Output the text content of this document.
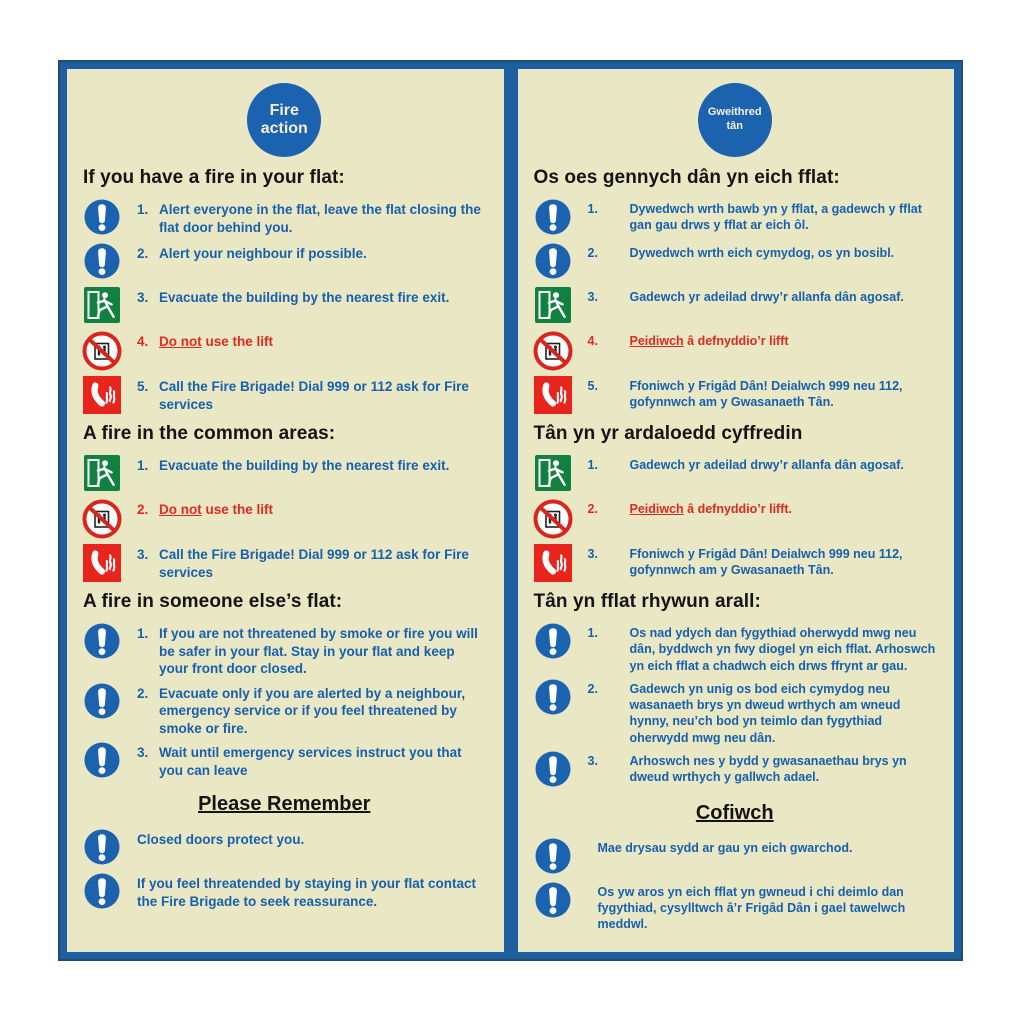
Fire
action
If you have a fire in your flat:
1. Alert everyone in the flat, leave the flat closing the flat door behind you.
2. Alert your neighbour if possible.
3. Evacuate the building by the nearest fire exit.
4. Do not use the lift
5. Call the Fire Brigade! Dial 999 or 112 ask for Fire services
A fire in the common areas:
1. Evacuate the building by the nearest fire exit.
2. Do not use the lift
3. Call the Fire Brigade! Dial 999 or 112 ask for Fire services
A fire in someone else’s flat:
1. If you are not threatened by smoke or fire you will be safer in your flat. Stay in your flat and keep your front door closed.
2. Evacuate only if you are alerted by a neighbour, emergency service or if you feel threatened by smoke or fire.
3. Wait until emergency services instruct you that you can leave
Please Remember
Closed doors protect you.
If you feel threatended by staying in your flat contact the Fire Brigade to seek reassurance.
Gweithred
tân
Os oes gennych dân yn eich fflat:
1.	Dywedwch wrth bawb yn y fflat, a gadewch y fflat gan gau drws y fflat ar eich ôl.
2.	Dywedwch wrth eich cymydog, os yn bosibl.
3.	Gadewch yr adeilad drwy’r allanfa dân agosaf.
4.	Peidiwch â defnyddio’r lifft
5.	Ffoniwch y Frigâd Dân! Deialwch 999 neu 112, gofynnwch am y Gwasanaeth Tân.
Tân yn yr ardaloedd cyffredin
1.	Gadewch yr adeilad drwy’r allanfa dân agosaf.
2.	Peidiwch â defnyddio’r lifft.
3.	Ffoniwch y Frigâd Dân! Deialwch 999 neu 112, gofynnwch am y Gwasanaeth Tân.
Tân yn fflat rhywun arall:
1.	Os nad ydych dan fygythiad oherwydd mwg neu dân, byddwch yn fwy diogel yn eich fflat. Arhoswch yn eich fflat a chadwch eich drws ffrynt ar gau.
2.	Gadewch yn unig os bod eich cymydog neu wasanaeth brys yn dweud wrthych am wneud hynny, neu’ch bod yn teimlo dan fygythiad oherwydd mwg neu dân.
3.	Arhoswch nes y bydd y gwasanaethau brys yn dweud wrthych y gallwch adael.
Cofiwch
Mae drysau sydd ar gau yn eich gwarchod.
Os yw aros yn eich fflat yn gwneud i chi deimlo dan fygythiad, cysylltwch â’r Frigâd Dân i gael tawelwch meddwl.
